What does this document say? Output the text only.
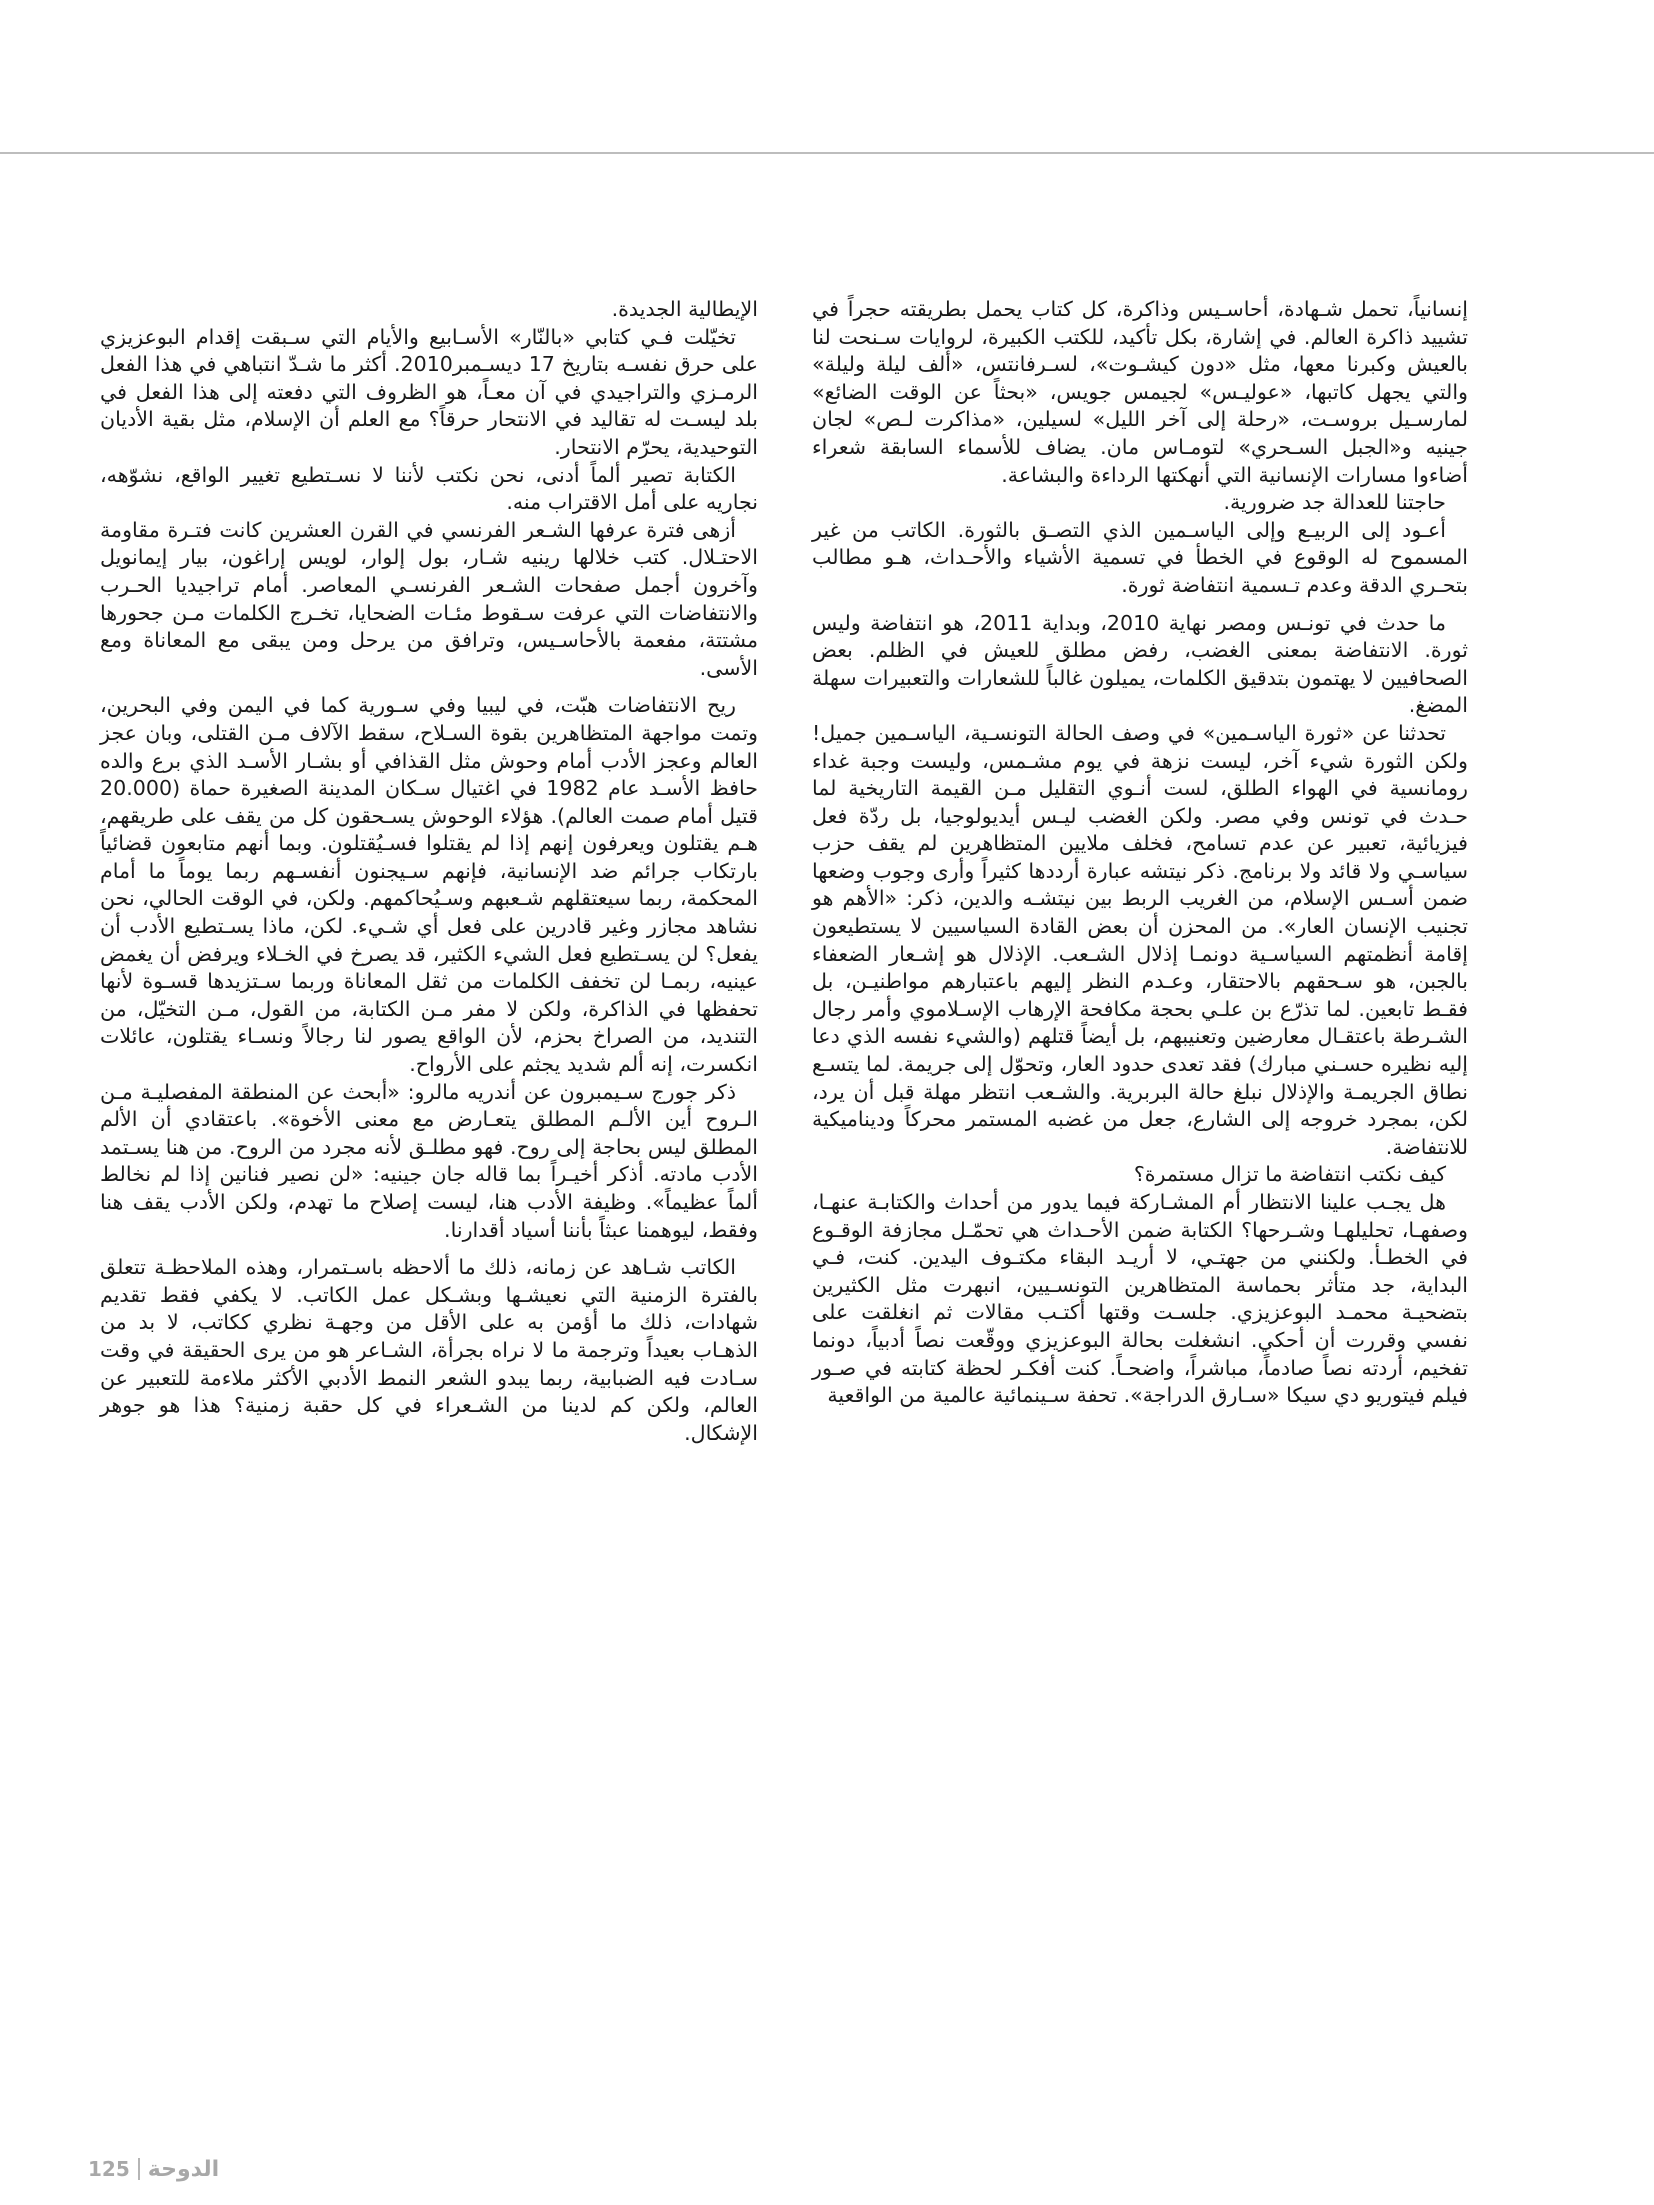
إنسانياً، تحمل شـهادة، أحاسـيس وذاكرة، كل كتاب يحمل بطريقته حجراً في تشييد ذاكرة العالم. في إشارة، بكل تأكيد، للكتب الكبيرة، لروايات سـنحت لنا بالعيش وكبرنا معها، مثل «دون كيشـوت»، لسـرفانتس، «ألف ليلة وليلة» والتي يجهل كاتبها، «عوليـس» لجيمس جويس، «بحثاً عن الوقت الضائع» لمارسـيل بروسـت، «رحلة إلى آخر الليل» لسيلين، «مذاكرت لـص» لجان جينيه و«الجبل السـحري» لتومـاس مان. يضاف للأسماء السابقة شعراء أضاءوا مسارات الإنسانية التي أنهكتها الرداءة والبشاعة.

حاجتنا للعدالة جد ضرورية.

أعـود إلى الربيـع وإلى الياسـمين الذي التصـق بالثورة. الكاتب من غير المسموح له الوقوع في الخطأ في تسمية الأشياء والأحـداث، هـو مطالب بتحـري الدقة وعدم تـسمية انتفاضة ثورة.

ما حدث في تونـس ومصر نهاية 2010، وبداية 2011، هو انتفاضة وليس ثورة. الانتفاضة بمعنى الغضب، رفض مطلق للعيش في الظلم. بعض الصحافيين لا يهتمون بتدقيق الكلمات، يميلون غالباً للشعارات والتعبيرات سهلة المضغ.

تحدثنا عن «ثورة الياسـمين» في وصف الحالة التونسـية، الياسـمين جميل! ولكن الثورة شيء آخر، ليست نزهة في يوم مشـمس، وليست وجبة غداء رومانسية في الهواء الطلق، لست أنـوي التقليل مـن القيمة التاريخية لما حـدث في تونس وفي مصر. ولكن الغضب ليـس أيديولوجيا، بل ردّة فعل فيزيائية، تعبير عن عدم تسامح، فخلف ملايين المتظاهرين لم يقف حزب سياسـي ولا قائد ولا برنامج. ذكر نيتشه عبارة أرددها كثيراً وأرى وجوب وضعها ضمن أسـس الإسلام، من الغريب الربط بين نيتشـه والدين، ذكر: «الأهم هو تجنيب الإنسان العار». من المحزن أن بعض القادة السياسيين لا يستطيعون إقامة أنظمتهم السياسـية دونمـا إذلال الشـعب. الإذلال هو إشـعار الضعفاء بالجبن، هو سـحقهم بالاحتقار، وعـدم النظر إليهم باعتبارهم مواطنيـن، بل فقـط تابعين. لما تذرّع بن علـي بحجة مكافحة الإرهاب الإسـلاموي وأمر رجال الشـرطة باعتقـال معارضين وتعنيبهم، بل أيضاً قتلهم (والشيء نفسه الذي دعا إليه نظيره حسـني مبارك) فقد تعدى حدود العار، وتحوّل إلى جريمة. لما يتسـع نطاق الجريمـة والإذلال نبلغ حالة البربرية. والشـعب انتظر مهلة قبل أن يرد، لكن، بمجرد خروجه إلى الشارع، جعل من غضبه المستمر محركاً وديناميكية للانتفاضة.

كيف نكتب انتفاضة ما تزال مستمرة؟

هل يجـب علينا الانتظار أم المشـاركة فيما يدور من أحداث والكتابـة عنهـا، وصفهـا، تحليلهـا وشـرحها؟ الكتابة ضمن الأحـداث هي تحمّـل مجازفة الوقـوع في الخطـأ. ولكنني من جهتـي، لا أريـد البقاء مكتـوف اليدين. كنت، فـي البداية، جد متأثر بحماسة المتظاهرين التونسـيين، انبهرت مثل الكثيرين بتضحيـة محمـد البوعزيزي. جلسـت وقتها أكتـب مقالات ثم انغلقت على نفسي وقررت أن أحكي. انشغلت بحالة البوعزيزي ووقّعت نصاً أدبياً، دونما تفخيم، أردته نصاً صادماً، مباشراً، واضحـاً. كنت أفكـر لحظة كتابته في صـور فيلم فيتوريو دي سيكا «سـارق الدراجة». تحفة سـينمائية عالمية من الواقعية

الإيطالية الجديدة.

تخيّلت فـي كتابي «بالنّار» الأسـابيع والأيام التي سـبقت إقدام البوعزيزي على حرق نفسـه بتاريخ 17 ديسـمبر2010. أكثر ما شـدّ انتباهي في هذا الفعل الرمـزي والتراجيدي في آن معـاً، هو الظروف التي دفعته إلى هذا الفعل في بلد ليسـت له تقاليد في الانتحار حرقاً؟ مع العلم أن الإسلام، مثل بقية الأديان التوحيدية، يحرّم الانتحار.

الكتابة تصير ألماً أدنى، نحن نكتب لأننا لا نسـتطيع تغيير الواقع، نشوّهه، نجاريه على أمل الاقتراب منه.

أزهى فترة عرفها الشـعر الفرنسي في القرن العشرين كانت فتـرة مقاومة الاحتـلال. كتب خلالها رينيه شـار، بول إلوار، لويس إراغون، بيار إيمانويل وآخرون أجمل صفحات الشـعر الفرنسـي المعاصر. أمام تراجيديا الحـرب والانتفاضات التي عرفت سـقوط مئـات الضحايا، تخـرج الكلمات مـن جحورها مشتتة، مفعمة بالأحاسـيس، وترافق من يرحل ومن يبقى مع المعاناة ومع الأسى.

ريح الانتفاضات هبّت، في ليبيا وفي سـورية كما في اليمن وفي البحرين، وتمت مواجهة المتظاهرين بقوة السـلاح، سقط الآلاف مـن القتلى، وبان عجز العالم وعجز الأدب أمام وحوش مثل القذافي أو بشـار الأسـد الذي برع والده حافظ الأسـد عام 1982 في اغتيال سـكان المدينة الصغيرة حماة (20.000 قتيل أمام صمت العالم). هؤلاء الوحوش يسـحقون كل من يقف على طريقهم، هـم يقتلون ويعرفون إنهم إذا لم يقتلوا فسـيُقتلون. وبما أنهم متابعون قضائياً بارتكاب جرائم ضد الإنسانية، فإنهم سـيجنون أنفسـهم ربما يوماً ما أمام المحكمة، ربما سيعتقلهم شـعبهم وسـيُحاكمهم. ولكن، في الوقت الحالي، نحن نشاهد مجازر وغير قادرين على فعل أي شـيء. لكن، ماذا يسـتطيع الأدب أن يفعل؟ لن يسـتطيع فعل الشيء الكثير، قد يصرخ في الخـلاء ويرفض أن يغمض عينيه، ربمـا لن تخفف الكلمات من ثقل المعاناة وربما سـتزيدها قسـوة لأنها تحفظها في الذاكرة، ولكن لا مفر مـن الكتابة، من القول، مـن التخيّل، من التنديد، من الصراخ بحزم، لأن الواقع يصور لنا رجالاً ونسـاء يقتلون، عائلات انكسرت، إنه ألم شديد يجثم على الأرواح.

ذكر جورج سـيمبرون عن أندريه مالرو: «أبحث عن المنطقة المفصليـة مـن الـروح أين الألـم المطلق يتعـارض مع معنى الأخوة». باعتقادي أن الألم المطلق ليس بحاجة إلى روح. فهو مطلـق لأنه مجرد من الروح. من هنا يسـتمد الأدب مادته. أذكر أخيـراً بما قاله جان جينيه: «لن نصير فنانين إذا لم نخالط ألماً عظيماً». وظيفة الأدب هنا، ليست إصلاح ما تهدم، ولكن الأدب يقف هنا وفقط، ليوهمنا عبثاً بأننا أسياد أقدارنا.

الكاتب شـاهد عن زمانه، ذلك ما ألاحظه باسـتمرار، وهذه الملاحظـة تتعلق بالفترة الزمنية التي نعيشـها وبشـكل عمل الكاتب. لا يكفي فقط تقديم شهادات، ذلك ما أؤمن به على الأقل من وجهـة نظري ككاتب، لا بد من الذهـاب بعيداً وترجمة ما لا نراه بجرأة، الشـاعر هو من يرى الحقيقة في وقت سـادت فيه الضبابية، ربما يبدو الشعر النمط الأدبي الأكثر ملاءمة للتعبير عن العالم، ولكن كم لدينا من الشـعراء في كل حقبة زمنية؟ هذا هو جوهر الإشكال.

125 الدوحة
